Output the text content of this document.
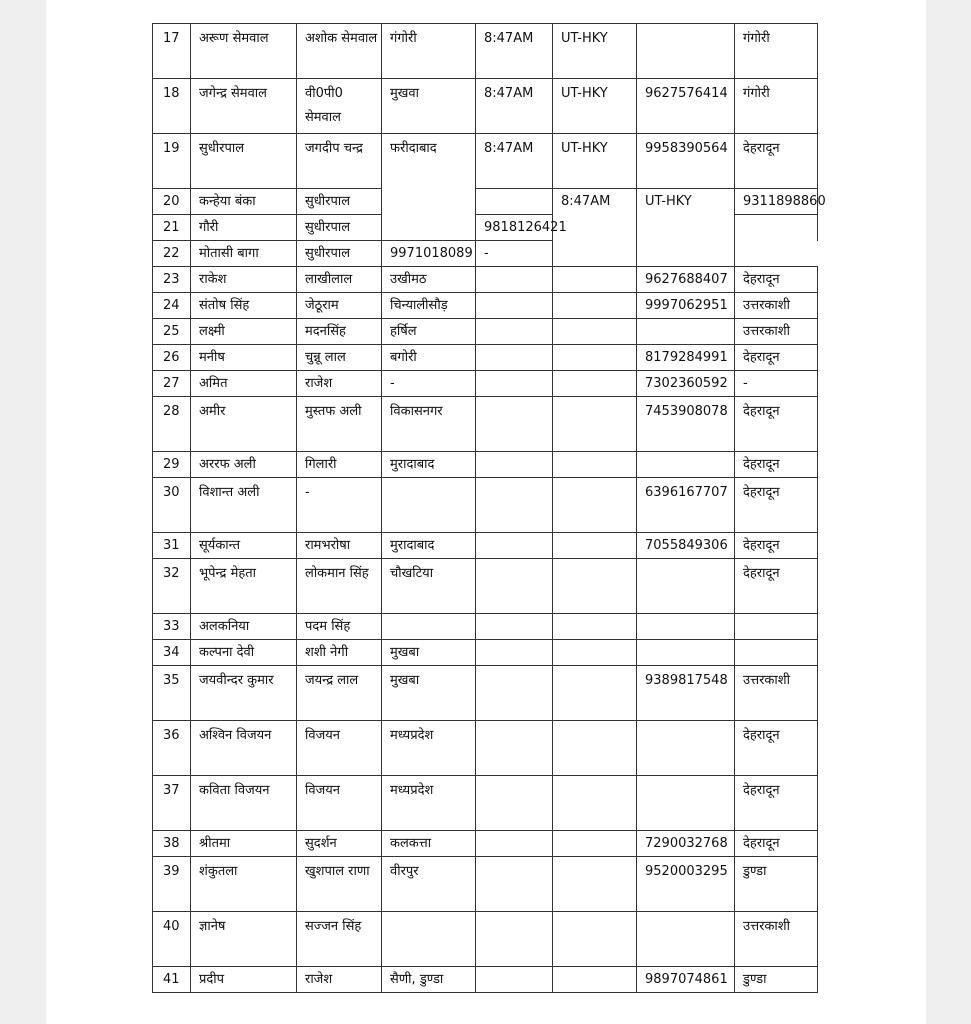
17	अरूण सेमवाल	अशोक सेमवाल	गंगोरी	8:47AM	UT-HKY		गंगोरी	
18	जगेन्द्र सेमवाल	वी0पी0 सेमवाल	मुखवा	8:47AM	UT-HKY	9627576414	गंगोरी	
19	सुधीरपाल	जगदीप चन्द्र	फरीदाबाद	8:47AM	UT-HKY	9958390564	देहरादून	
20	कन्हेया बंका	सुधीरपाल			8:47AM	UT-HKY	9311898860	
21	गौरी	सुधीरपाल		9818126421				
22	मोतासी बागा	सुधीरपाल	9971018089	-				
23	राकेश	लाखीलाल	उखीमठ			9627688407	देहरादून	
24	संतोष सिंह	जेठूराम	चिन्यालीसौड़			9997062951	उत्तरकाशी	
25	लक्ष्मी	मदनसिंह	हर्षिल				उत्तरकाशी	
26	मनीष	चुन्नू लाल	बगोरी			8179284991	देहरादून	
27	अमित	राजेश	-			7302360592	-	
28	अमीर	मुस्तफ अली	विकासनगर			7453908078	देहरादून	
29	अररफ अली	गिलारी	मुरादाबाद				देहरादून	
30	विशान्त अली	-				6396167707	देहरादून	
31	सूर्यकान्त	रामभरोषा	मुरादाबाद			7055849306	देहरादून	
32	भूपेन्द्र मेहता	लोकमान सिंह	चौखटिया				देहरादून	
33	अलकनिया	पदम सिंह						
34	कल्पना देवी	शशी नेगी	मुखबा					
35	जयवीन्दर कुमार	जयन्द्र लाल	मुखबा			9389817548	उत्तरकाशी	
36	अश्विन विजयन	विजयन	मध्यप्रदेश				देहरादून	
37	कविता विजयन	विजयन	मध्यप्रदेश				देहरादून	
38	श्रीतमा	सुदर्शन	कलकत्ता			7290032768	देहरादून	
39	शंकुतला	खुशपाल राणा	वीरपुर			9520003295	डुण्डा	
40	ज्ञानेष	सज्जन सिंह					उत्तरकाशी	
41	प्रदीप	राजेश	सैणी, डुण्डा			9897074861	डुण्डा	
